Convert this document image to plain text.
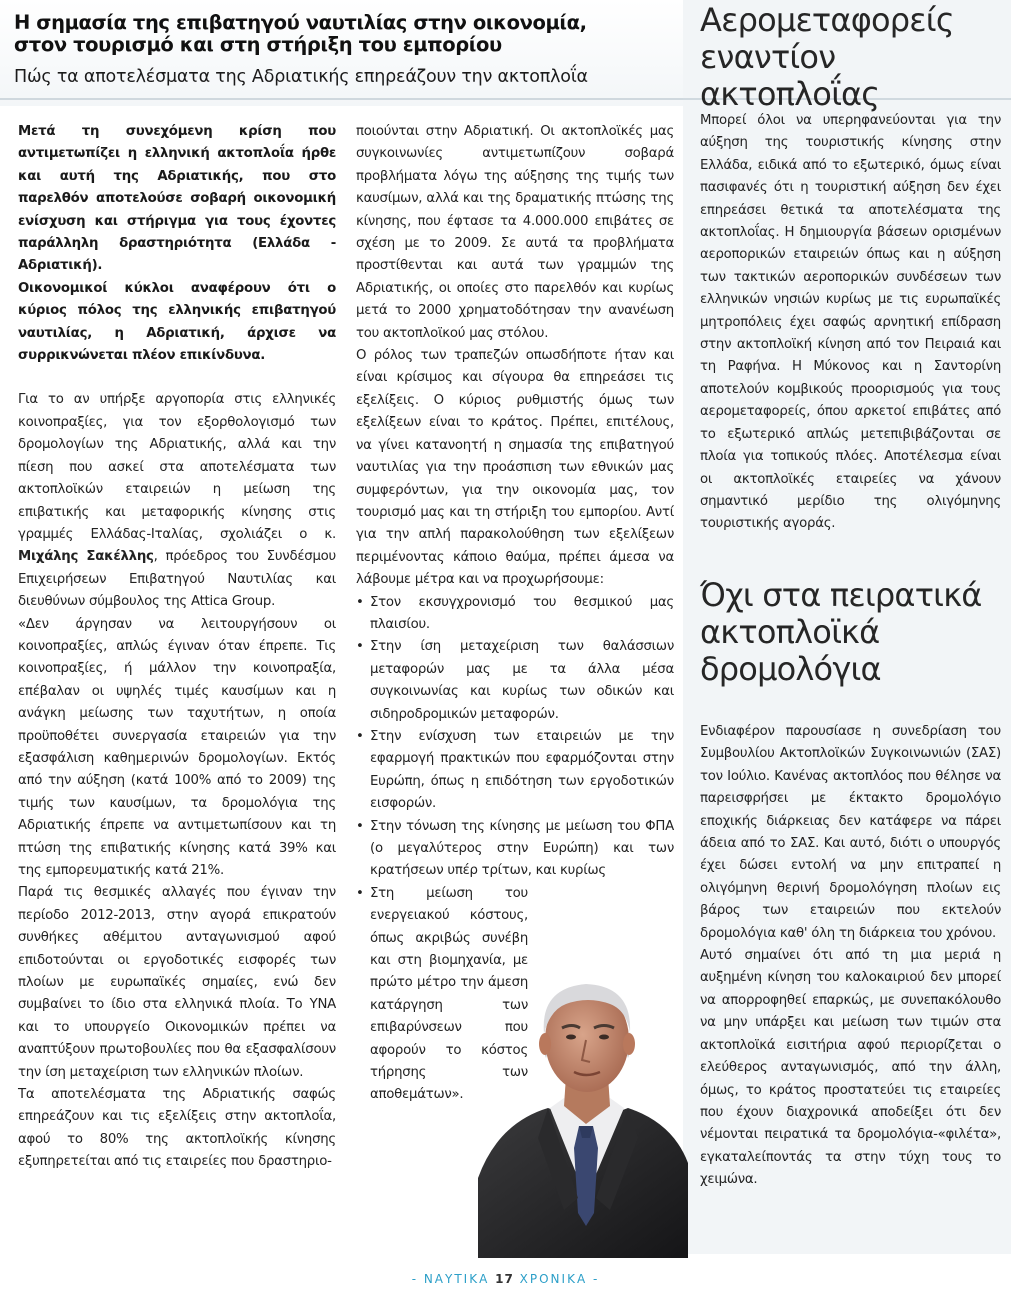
Η σημασία της επιβατηγού ναυτιλίας στην οικονομία,
στον τουρισμό και στη στήριξη του εμπορίου
Πώς τα αποτελέσματα της Αδριατικής επηρεάζουν την ακτοπλοΐα
Αερομεταφορείς
εναντίον ακτοπλοΐας
Όχι στα πειρατικά
ακτοπλοϊκά
δρομολόγια

Μετά τη συνεχόμενη κρίση που αντιμετωπίζει η ελληνική ακτοπλοΐα ήρθε και αυτή της Αδριατικής, που στο παρελθόν αποτελούσε σοβαρή οικονομική ενίσχυση και στήριγμα για τους έχοντες παράλληλη δραστηριότητα (Ελλάδα - Αδριατική).

Οικονομικοί κύκλοι αναφέρουν ότι ο κύριος πόλος της ελληνικής επιβατηγού ναυτιλίας, η Αδριατική, άρχισε να συρρικνώνεται πλέον επικίνδυνα.

Για το αν υπήρξε αργοπορία στις ελληνικές κοινοπραξίες, για τον εξορθολογισμό των δρομολογίων της Αδριατικής, αλλά και την πίεση που ασκεί στα αποτελέσματα των ακτοπλοϊκών εταιρειών η μείωση της επιβατικής και μεταφορικής κίνησης στις γραμμές Ελλάδας-Ιταλίας, σχολιάζει ο κ. Μιχάλης Σακέλλης, πρόεδρος του Συνδέσμου Επιχειρήσεων Επιβατηγού Ναυτιλίας και διευθύνων σύμβουλος της Attica Group.

«Δεν άργησαν να λειτουργήσουν οι κοινοπραξίες, απλώς έγιναν όταν έπρεπε. Τις κοινοπραξίες, ή μάλλον την κοινοπραξία, επέβαλαν οι υψηλές τιμές καυσίμων και η ανάγκη μείωσης των ταχυτήτων, η οποία προϋποθέτει συνεργασία εταιρειών για την εξασφάλιση καθημερινών δρομολογίων. Εκτός από την αύξηση (κατά 100% από το 2009) της τιμής των καυσίμων, τα δρομολόγια της Αδριατικής έπρεπε να αντιμετωπίσουν και τη πτώση της επιβατικής κίνησης κατά 39% και της εμπορευματικής κατά 21%.

Παρά τις θεσμικές αλλαγές που έγιναν την περίοδο 2012-2013, στην αγορά επικρατούν συνθήκες αθέμιτου ανταγωνισμού αφού επιδοτούνται οι εργοδοτικές εισφορές των πλοίων με ευρωπαϊκές σημαίες, ενώ δεν συμβαίνει το ίδιο στα ελληνικά πλοία. Το ΥΝΑ και το υπουργείο Οικονομικών πρέπει να αναπτύξουν πρωτοβουλίες που θα εξασφαλίσουν την ίση μεταχείριση των ελληνικών πλοίων.

Τα αποτελέσματα της Αδριατικής σαφώς επηρεάζουν και τις εξελίξεις στην ακτοπλοΐα, αφού το 80% της ακτοπλοϊκής κίνησης εξυπηρετείται από τις εταιρείες που δραστηριο-

ποιούνται στην Αδριατική. Οι ακτοπλοϊκές μας συγκοινωνίες αντιμετωπίζουν σοβαρά προβλήματα λόγω της αύξησης της τιμής των καυσίμων, αλλά και της δραματικής πτώσης της κίνησης, που έφτασε τα 4.000.000 επιβάτες σε σχέση με το 2009. Σε αυτά τα προβλήματα προστίθενται και αυτά των γραμμών της Αδριατικής, οι οποίες στο παρελθόν και κυρίως μετά το 2000 χρηματοδότησαν την ανανέωση του ακτοπλοϊκού μας στόλου.

Ο ρόλος των τραπεζών οπωσδήποτε ήταν και είναι κρίσιμος και σίγουρα θα επηρεάσει τις εξελίξεις. Ο κύριος ρυθμιστής όμως των εξελίξεων είναι το κράτος. Πρέπει, επιτέλους, να γίνει κατανοητή η σημασία της επιβατηγού ναυτιλίας για την προάσπιση των εθνικών μας συμφερόντων, για την οικονομία μας, τον τουρισμό μας και τη στήριξη του εμπορίου. Αντί για την απλή παρακολούθηση των εξελίξεων περιμένοντας κάποιο θαύμα, πρέπει άμεσα να λάβουμε μέτρα και να προχωρήσουμε:

• Στον εκσυγχρονισμό του θεσμικού μας πλαισίου.
• Στην ίση μεταχείριση των θαλάσσιων μεταφορών μας με τα άλλα μέσα συγκοινωνίας και κυρίως των οδικών και σιδηροδρομικών μεταφορών.
• Στην ενίσχυση των εταιρειών με την εφαρμογή πρακτικών που εφαρμόζονται στην Ευρώπη, όπως η επιδότηση των εργοδοτικών εισφορών.
• Στην τόνωση της κίνησης με μείωση του ΦΠΑ (ο μεγαλύτερος στην Ευρώπη) και των κρατήσεων υπέρ τρίτων, και κυρίως
• Στη μείωση του ενεργειακού κόστους, όπως ακριβώς συνέβη και στη βιομηχανία, με πρώτο μέτρο την άμεση κατάργηση των επιβαρύνσεων που αφορούν το κόστος τήρησης των αποθεμάτων».
Μπορεί όλοι να υπερηφανεύονται για την αύξηση της τουριστικής κίνησης στην Ελλάδα, ειδικά από το εξωτερικό, όμως είναι πασιφανές ότι η τουριστική αύξηση δεν έχει επηρεάσει θετικά τα αποτελέσματα της ακτοπλοΐας. Η δημιουργία βάσεων ορισμένων αεροπορικών εταιρειών όπως και η αύξηση των τακτικών αεροπορικών συνδέσεων των ελληνικών νησιών κυρίως με τις ευρωπαϊκές μητροπόλεις έχει σαφώς αρνητική επίδραση στην ακτοπλοϊκή κίνηση από τον Πειραιά και τη Ραφήνα. Η Μύκονος και η Σαντορίνη αποτελούν κομβικούς προορισμούς για τους αερομεταφορείς, όπου αρκετοί επιβάτες από το εξωτερικό απλώς μετεπιβιβάζονται σε πλοία για τοπικούς πλόες. Αποτέλεσμα είναι οι ακτοπλοϊκές εταιρείες να χάνουν σημαντικό μερίδιο της ολιγόμηνης τουριστικής αγοράς.

Ενδιαφέρον παρουσίασε η συνεδρίαση του Συμβουλίου Ακτοπλοϊκών Συγκοινωνιών (ΣΑΣ) τον Ιούλιο. Κανένας ακτοπλόος που θέλησε να παρεισφρήσει με έκτακτο δρομολόγιο εποχικής διάρκειας δεν κατάφερε να πάρει άδεια από το ΣΑΣ. Και αυτό, διότι ο υπουργός έχει δώσει εντολή να μην επιτραπεί η ολιγόμηνη θερινή δρομολόγηση πλοίων εις βάρος των εταιρειών που εκτελούν δρομολόγια καθ' όλη τη διάρκεια του χρόνου.

Αυτό σημαίνει ότι από τη μια μεριά η αυξημένη κίνηση του καλοκαιριού δεν μπορεί να απορροφηθεί επαρκώς, με συνεπακόλουθο να μην υπάρξει και μείωση των τιμών στα ακτοπλοϊκά εισιτήρια αφού περιορίζεται ο ελεύθερος ανταγωνισμός, από την άλλη, όμως, το κράτος προστατεύει τις εταιρείες που έχουν διαχρονικά αποδείξει ότι δεν νέμονται πειρατικά τα δρομολόγια-«φιλέτα», εγκαταλείποντάς τα στην τύχη τους το χειμώνα.

- ΝΑΥΤΙΚΑ 17 ΧΡΟΝΙΚΑ -
